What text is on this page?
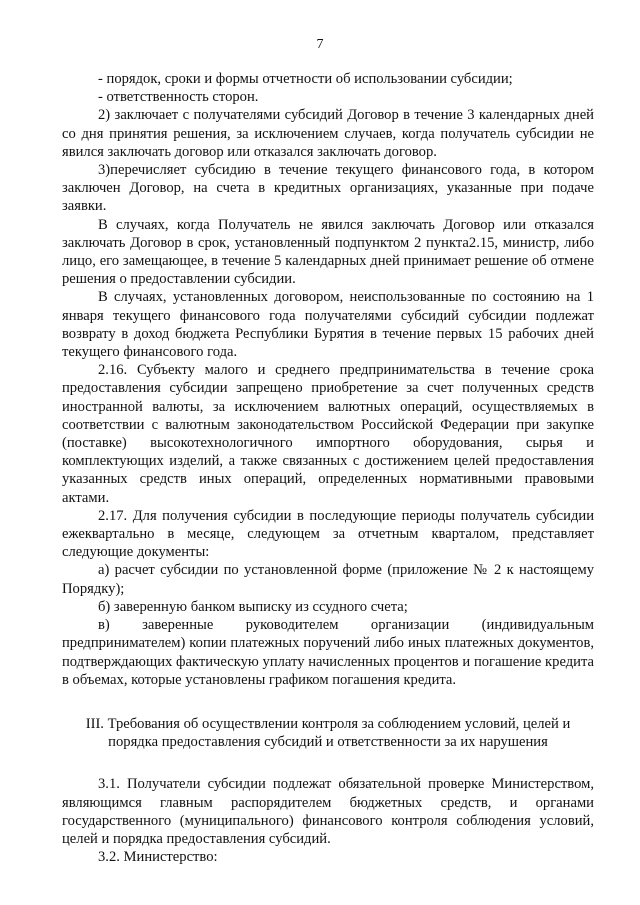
7

- порядок, сроки и формы отчетности об использовании субсидии;

- ответственность сторон.

2) заключает с получателями субсидий Договор в течение 3 календарных дней со дня принятия решения, за исключением случаев, когда получатель субсидии не явился заключать договор или отказался заключать договор.

3)перечисляет субсидию в течение текущего финансового года, в котором заключен Договор, на счета в кредитных организациях, указанные при подаче заявки.

В случаях, когда Получатель не явился заключать Договор или отказался заключать Договор в срок, установленный подпунктом 2 пункта2.15, министр, либо лицо, его замещающее, в течение 5 календарных дней принимает решение об отмене решения о предоставлении субсидии.

В случаях, установленных договором, неиспользованные по состоянию на 1 января текущего финансового года получателями субсидий субсидии подлежат возврату в доход бюджета Республики Бурятия в течение первых 15 рабочих дней текущего финансового года.

2.16. Субъекту малого и среднего предпринимательства в течение срока предоставления субсидии запрещено приобретение за счет полученных средств иностранной валюты, за исключением валютных операций, осуществляемых в соответствии с валютным законодательством Российской Федерации при закупке (поставке) высокотехнологичного импортного оборудования, сырья и комплектующих изделий, а также связанных с достижением целей предоставления указанных средств иных операций, определенных нормативными правовыми актами.

2.17. Для получения субсидии в последующие периоды получатель субсидии ежеквартально в месяце, следующем за отчетным кварталом, представляет следующие документы:

а) расчет субсидии по установленной форме (приложение № 2 к настоящему Порядку);

б) заверенную банком выписку из ссудного счета;

в) заверенные руководителем организации (индивидуальным предпринимателем) копии платежных поручений либо иных платежных документов, подтверждающих фактическую уплату начисленных процентов и погашение кредита в объемах, которые установлены графиком погашения кредита.

III. Требования об осуществлении контроля за соблюдением условий, целей и порядка предоставления субсидий и ответственности за их нарушения

3.1. Получатели субсидии подлежат обязательной проверке Министерством, являющимся главным распорядителем бюджетных средств, и органами государственного (муниципального) финансового контроля соблюдения условий, целей и порядка предоставления субсидий.

3.2. Министерство:
